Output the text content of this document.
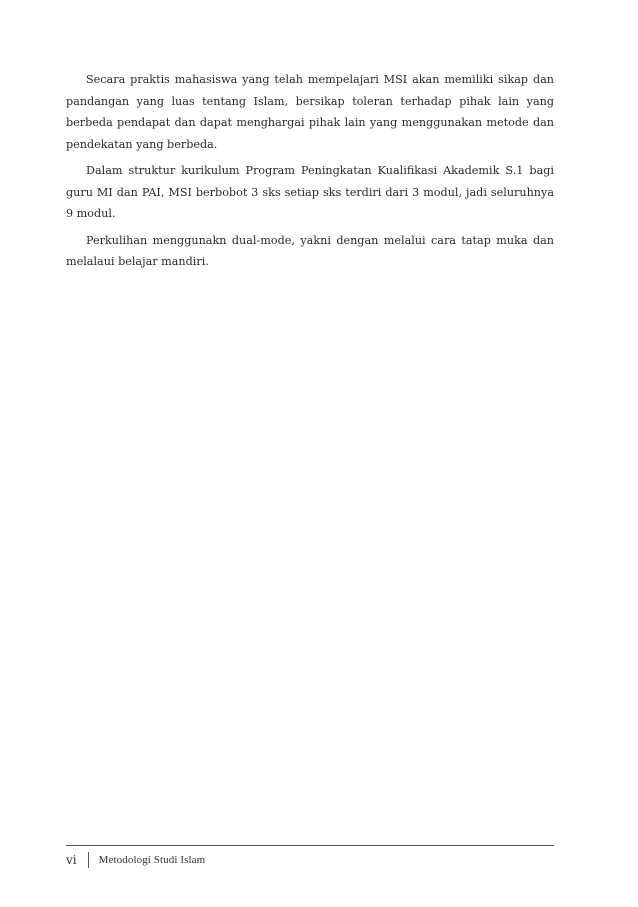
Secara praktis mahasiswa yang telah mempelajari MSI akan memiliki sikap dan pandangan yang luas tentang Islam, bersikap toleran terhadap pihak lain yang berbeda pendapat dan dapat menghargai pihak lain yang menggunakan metode dan pendekatan yang berbeda.

Dalam struktur kurikulum Program Peningkatan Kualifikasi Akademik S.1 bagi guru MI dan PAI, MSI berbobot 3 sks setiap sks terdiri dari 3 modul, jadi seluruhnya 9 modul.

Perkulihan menggunakn dual-mode, yakni dengan melalui cara tatap muka dan melalaui belajar mandiri.

vi Metodologi Studi Islam
